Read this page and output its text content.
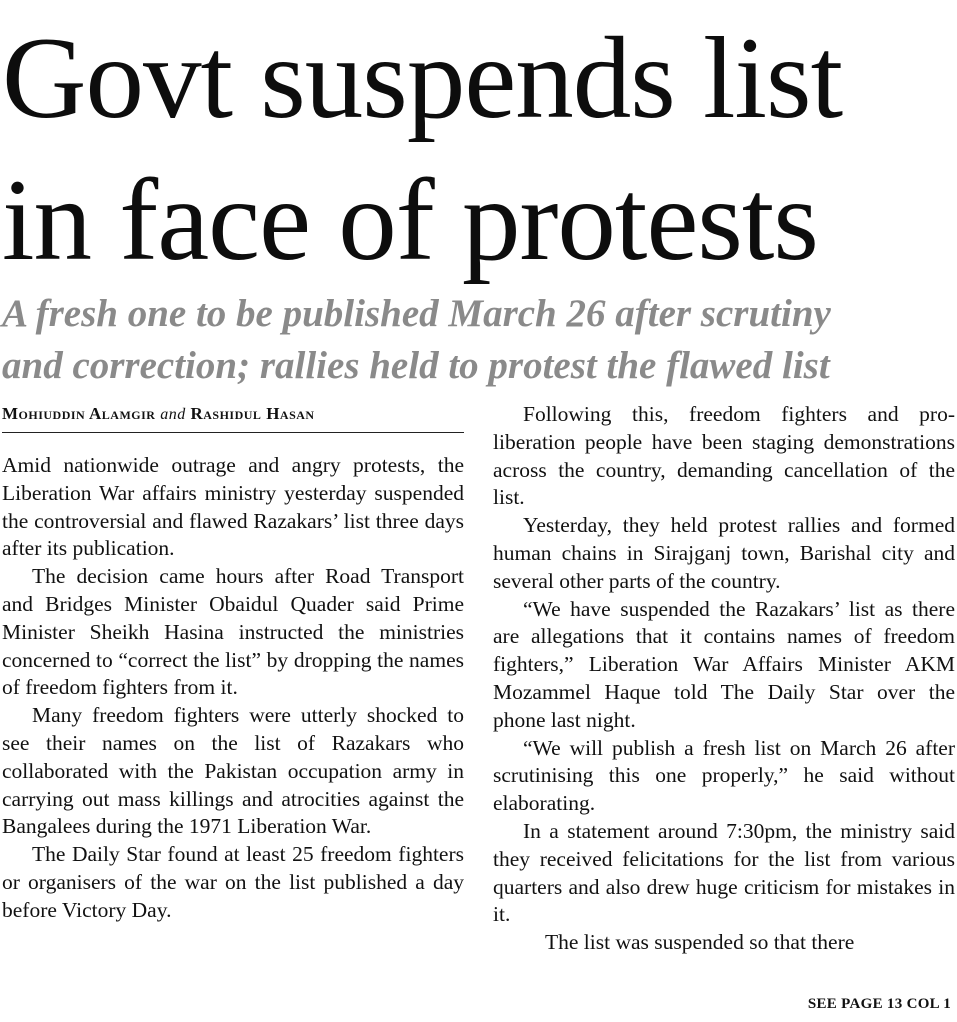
Govt suspends list
in face of protests
A fresh one to be published March 26 after scrutiny
and correction; rallies held to protest the flawed list
Mohiuddin Alamgir and Rashidul Hasan

Amid nationwide outrage and angry protests, the Liberation War affairs ministry yesterday suspended the controversial and flawed Razakars’ list three days after its publication.

The decision came hours after Road Transport and Bridges Minister Obaidul Quader said Prime Minister Sheikh Hasina instructed the ministries concerned to “correct the list” by dropping the names of freedom fighters from it.

Many freedom fighters were utterly shocked to see their names on the list of Razakars who collaborated with the Pakistan occupation army in carrying out mass killings and atrocities against the Bangalees during the 1971 Liberation War.

The Daily Star found at least 25 freedom fighters or organisers of the war on the list published a day before Victory Day.

Following this, freedom fighters and pro-liberation people have been staging demonstrations across the country, demanding cancellation of the list.

Yesterday, they held protest rallies and formed human chains in Sirajganj town, Barishal city and several other parts of the country.

“We have suspended the Razakars’ list as there are allegations that it contains names of freedom fighters,” Liberation War Affairs Minister AKM Mozammel Haque told The Daily Star over the phone last night.

“We will publish a fresh list on March 26 after scrutinising this one properly,” he said without elaborating.

In a statement around 7:30pm, the ministry said they received felicitations for the list from various quarters and also drew huge criticism for mistakes in it.

The list was suspended so that there

SEE PAGE 13 COL 1
